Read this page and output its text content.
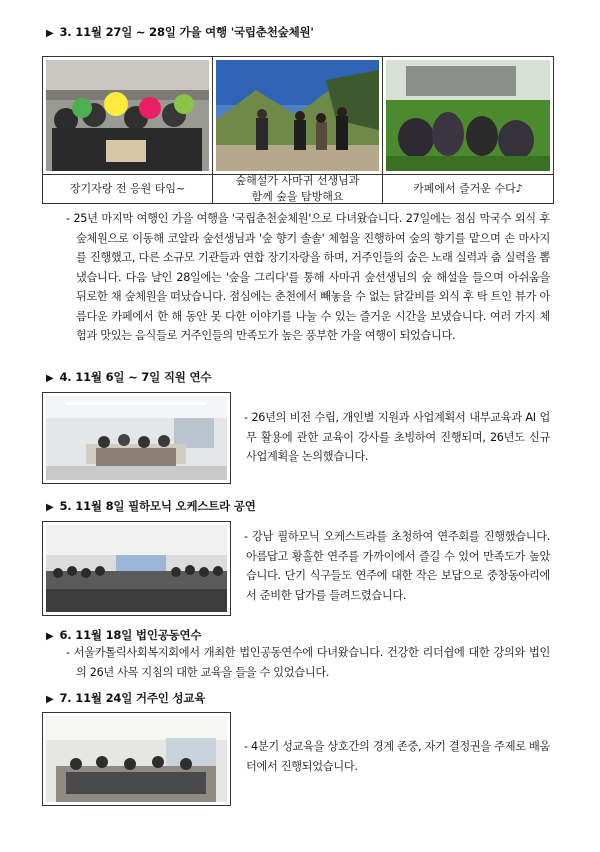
▶ 3. 11월 27일 ~ 28일 가을 여행 '국립춘천숲체원'
장기자랑 전 응원 타임~
숲해설가 사마귀 선생님과 함께 숲을 탐방해요
카페에서 즐거운 수다♪
- 25년 마지막 여행인 가을 여행을 '국립춘천숲체원'으로 다녀왔습니다. 27일에는 점심 막국수 외식 후 숲체원으로 이동해 코알라 숲선생님과 '숲 향기 솔솔' 체험을 진행하여 숲의 향기를 맡으며 손 마사지를 진행했고, 다른 소규모 기관들과 연합 장기자랑을 하며, 거주인들의 숨은 노래 실력과 춤 실력을 뽐냈습니다. 다음 날인 28일에는 '숲을 그리다'를 통해 사마귀 숲선생님의 숲 해설을 들으며 아쉬움을 뒤로한 채 숲체원을 떠났습니다. 점심에는 춘천에서 빼놓을 수 없는 닭갈비를 외식 후 탁 트인 뷰가 아름다운 카페에서 한 해 동안 못 다한 이야기를 나눌 수 있는 즐거운 시간을 보냈습니다. 여러 가지 체험과 맛있는 음식들로 거주인들의 만족도가 높은 풍부한 가을 여행이 되었습니다.
▶ 4. 11월 6일 ~ 7일 직원 연수
- 26년의 비전 수립, 개인별 지원과 사업계획서 내부교육과 AI 업무 활용에 관한 교육이 강사를 초빙하여 진행되며, 26년도 신규 사업계획을 논의했습니다.
▶ 5. 11월 8일 필하모닉 오케스트라 공연
- 강남 필하모닉 오케스트라를 초청하여 연주회를 진행했습니다. 아름답고 황홀한 연주를 가까이에서 즐길 수 있어 만족도가 높았습니다. 단기 식구들도 연주에 대한 작은 보답으로 중창동아리에서 준비한 답가를 들려드렸습니다.
▶ 6. 11월 18일 법인공동연수
- 서울카톨릭사회복지회에서 개최한 법인공동연수에 다녀왔습니다. 건강한 리더쉽에 대한 강의와 법인의 26년 사목 지침의 대한 교육을 들을 수 있었습니다.
▶ 7. 11월 24일 거주인 성교육
- 4분기 성교육을 상호간의 경계 존중, 자기 결정권을 주제로 배움터에서 진행되었습니다.
